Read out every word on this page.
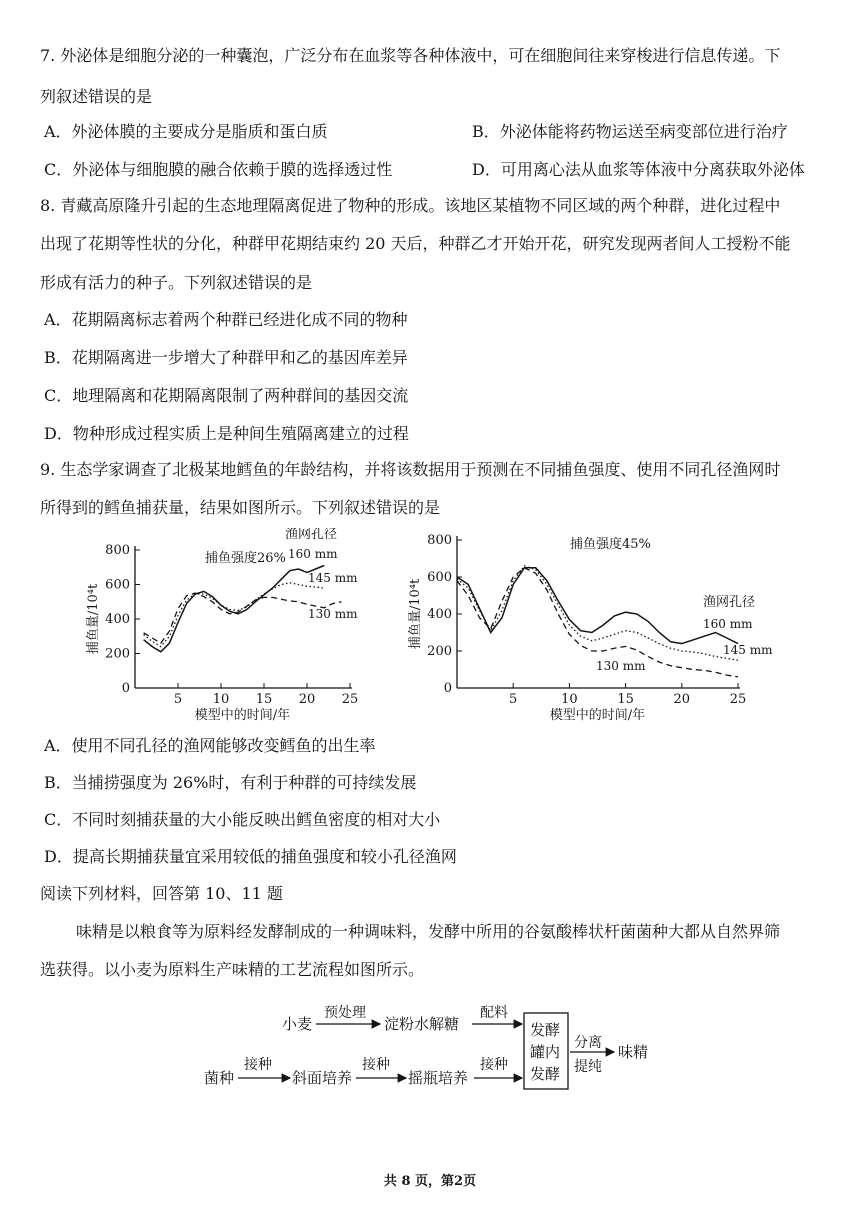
7. 外泌体是细胞分泌的一种囊泡，广泛分布在血浆等各种体液中，可在细胞间往来穿梭进行信息传递。下
列叙述错误的是
A．外泌体膜的主要成分是脂质和蛋白质	B．外泌体能将药物运送至病变部位进行治疗
C．外泌体与细胞膜的融合依赖于膜的选择透过性	D．可用离心法从血浆等体液中分离获取外泌体
8. 青藏高原隆升引起的生态地理隔离促进了物种的形成。该地区某植物不同区域的两个种群，进化过程中
出现了花期等性状的分化，种群甲花期结束约 20 天后，种群乙才开始开花，研究发现两者间人工授粉不能
形成有活力的种子。下列叙述错误的是
A．花期隔离标志着两个种群已经进化成不同的物种
B．花期隔离进一步增大了种群甲和乙的基因库差异
C．地理隔离和花期隔离限制了两种群间的基因交流
D．物种形成过程实质上是种间生殖隔离建立的过程
9. 生态学家调查了北极某地鳕鱼的年龄结构，并将该数据用于预测在不同捕鱼强度、使用不同孔径渔网时
所得到的鳕鱼捕获量，结果如图所示。下列叙述错误的是
0
200
400
600
800
5 10 15 20 25
模型中的时间/年
捕鱼量/10⁴t
捕鱼强度26%
渔网孔径
160 mm
145 mm
130 mm
0
200
400
600
800
5	10	15	20	25
模型中的时间/年
捕鱼量/10⁴t
捕鱼强度45%
渔网孔径
160 mm
145 mm
130 mm
A．使用不同孔径的渔网能够改变鳕鱼的出生率
B．当捕捞强度为 26%时，有利于种群的可持续发展
C．不同时刻捕获量的大小能反映出鳕鱼密度的相对大小
D．提高长期捕获量宜采用较低的捕鱼强度和较小孔径渔网
阅读下列材料，回答第 10、11 题
味精是以粮食等为原料经发酵制成的一种调味料，发酵中所用的谷氨酸棒状杆菌菌种大都从自然界筛
选获得。以小麦为原料生产味精的工艺流程如图所示。
小麦
预处理
淀粉水解糖
配料
菌种
接种
斜面培养
接种
摇瓶培养
接种
发酵
罐内
发酵
分离
提纯
味精
共 8 页，第2页
